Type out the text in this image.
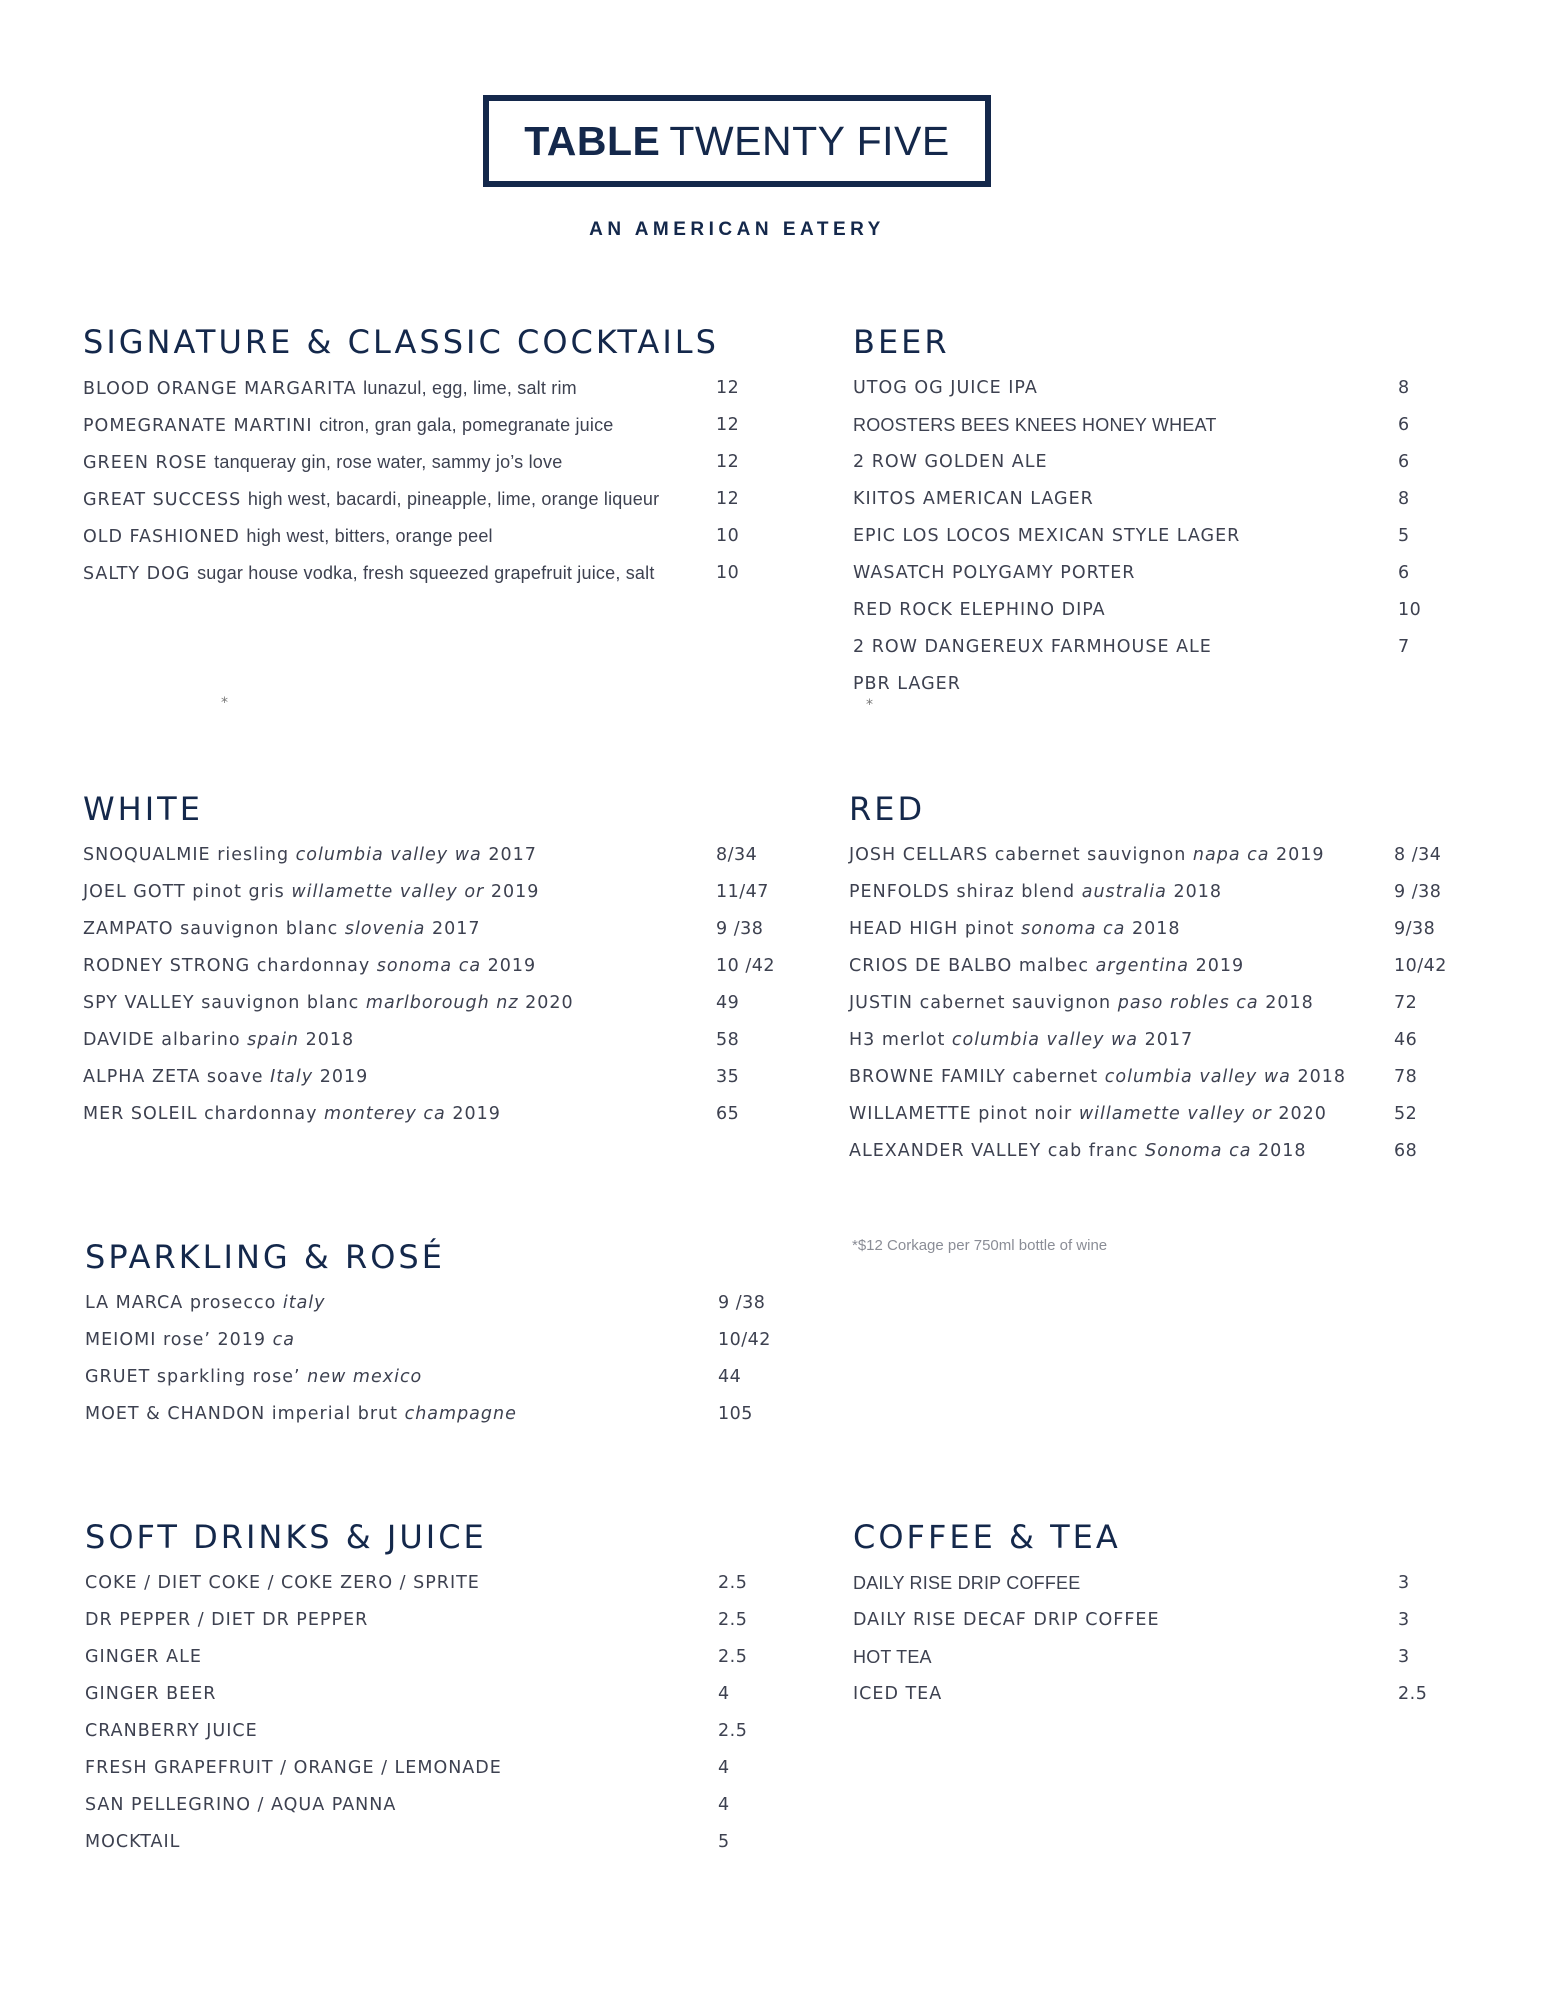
TABLE TWENTY FIVE
AN AMERICAN EATERY
SIGNATURE & CLASSIC COCKTAILS
BLOOD ORANGE MARGARITA lunazul, egg, lime, salt rim	12
POMEGRANATE MARTINI citron, gran gala, pomegranate juice	12
GREEN ROSE tanqueray gin, rose water, sammy jo’s love	12
GREAT SUCCESS high west, bacardi, pineapple, lime, orange liqueur	12
OLD FASHIONED high west, bitters, orange peel	10
SALTY DOG sugar house vodka, fresh squeezed grapefruit juice, salt	10
*
BEER
UTOG OG JUICE IPA	8
ROOSTERS BEES KNEES HONEY WHEAT	6
2 ROW GOLDEN ALE	6
KIITOS AMERICAN LAGER	8
EPIC LOS LOCOS MEXICAN STYLE LAGER	5
WASATCH POLYGAMY PORTER	6
RED ROCK ELEPHINO DIPA	10
2 ROW DANGEREUX FARMHOUSE ALE	7
PBR LAGER
*
WHITE
SNOQUALMIE riesling columbia valley wa 2017	8/34
JOEL GOTT pinot gris willamette valley or 2019	11/47
ZAMPATO sauvignon blanc slovenia 2017	9 /38
RODNEY STRONG chardonnay sonoma ca 2019	10 /42
SPY VALLEY sauvignon blanc marlborough nz 2020	49
DAVIDE albarino spain 2018	58
ALPHA ZETA soave Italy 2019	35
MER SOLEIL chardonnay monterey ca 2019	65
RED
JOSH CELLARS cabernet sauvignon napa ca 2019	8 /34
PENFOLDS shiraz blend australia 2018	9 /38
HEAD HIGH pinot sonoma ca 2018	9/38
CRIOS DE BALBO malbec argentina 2019	10/42
JUSTIN cabernet sauvignon paso robles ca 2018	72
H3 merlot columbia valley wa 2017	46
BROWNE FAMILY cabernet columbia valley wa 2018	78
WILLAMETTE pinot noir willamette valley or 2020	52
ALEXANDER VALLEY cab franc Sonoma ca 2018	68
*$12 Corkage per 750ml bottle of wine
SPARKLING & ROSÉ
LA MARCA prosecco italy	9 /38
MEIOMI rose’ 2019 ca	10/42
GRUET sparkling rose’ new mexico	44
MOET & CHANDON imperial brut champagne	105
SOFT DRINKS & JUICE
COKE / DIET COKE / COKE ZERO / SPRITE	2.5
DR PEPPER / DIET DR PEPPER	2.5
GINGER ALE	2.5
GINGER BEER	4
CRANBERRY JUICE	2.5
FRESH GRAPEFRUIT / ORANGE / LEMONADE	4
SAN PELLEGRINO / AQUA PANNA	4
MOCKTAIL	5
COFFEE & TEA
DAILY RISE DRIP COFFEE	3
DAILY RISE DECAF DRIP COFFEE	3
HOT TEA	3
ICED TEA	2.5
